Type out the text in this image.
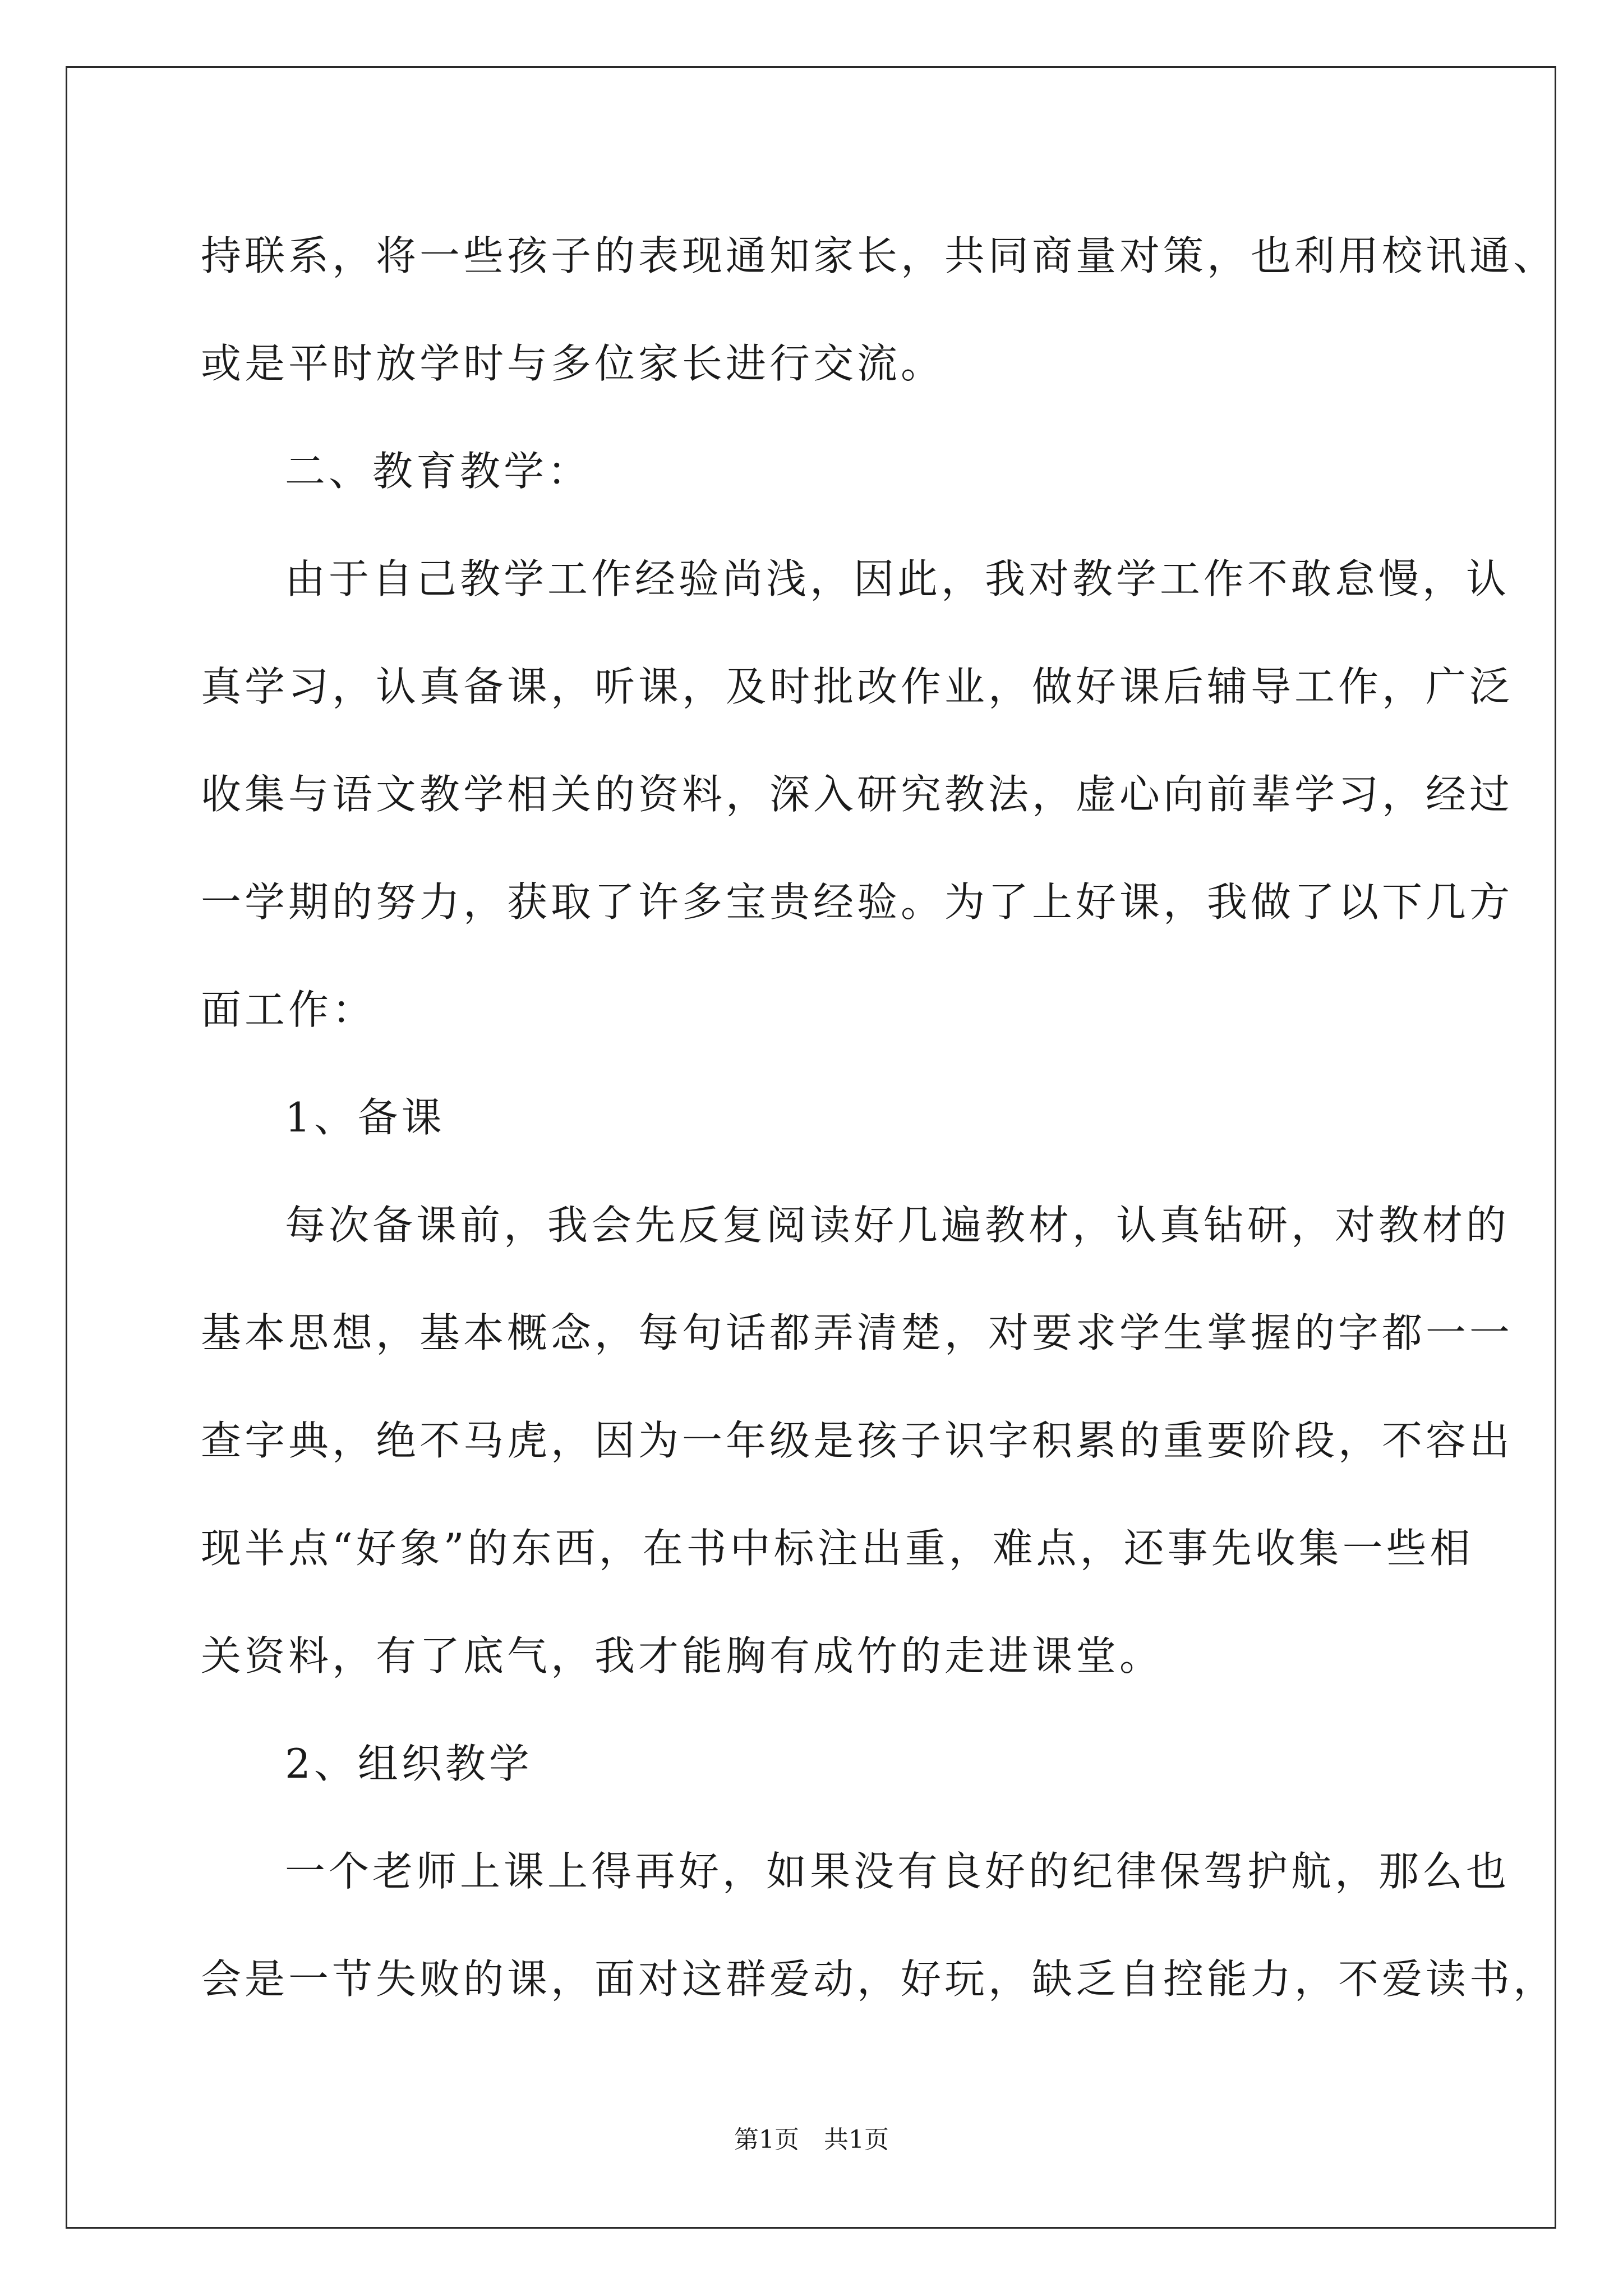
持联系，将一些孩子的表现通知家长，共同商量对策，也利用校讯通、
或是平时放学时与多位家长进行交流。
二、教育教学：
由于自己教学工作经验尚浅，因此，我对教学工作不敢怠慢，认
真学习，认真备课，听课，及时批改作业，做好课后辅导工作，广泛
收集与语文教学相关的资料，深入研究教法，虚心向前辈学习，经过
一学期的努力，获取了许多宝贵经验。为了上好课，我做了以下几方
面工作：
1、备课
每次备课前，我会先反复阅读好几遍教材，认真钻研，对教材的
基本思想，基本概念，每句话都弄清楚，对要求学生掌握的字都一一
查字典，绝不马虎，因为一年级是孩子识字积累的重要阶段，不容出
现半点“好象”的东西，在书中标注出重，难点，还事先收集一些相
关资料，有了底气，我才能胸有成竹的走进课堂。
2、组织教学
一个老师上课上得再好，如果没有良好的纪律保驾护航，那么也
会是一节失败的课，面对这群爱动，好玩，缺乏自控能力，不爱读书，
第1页　共1页
